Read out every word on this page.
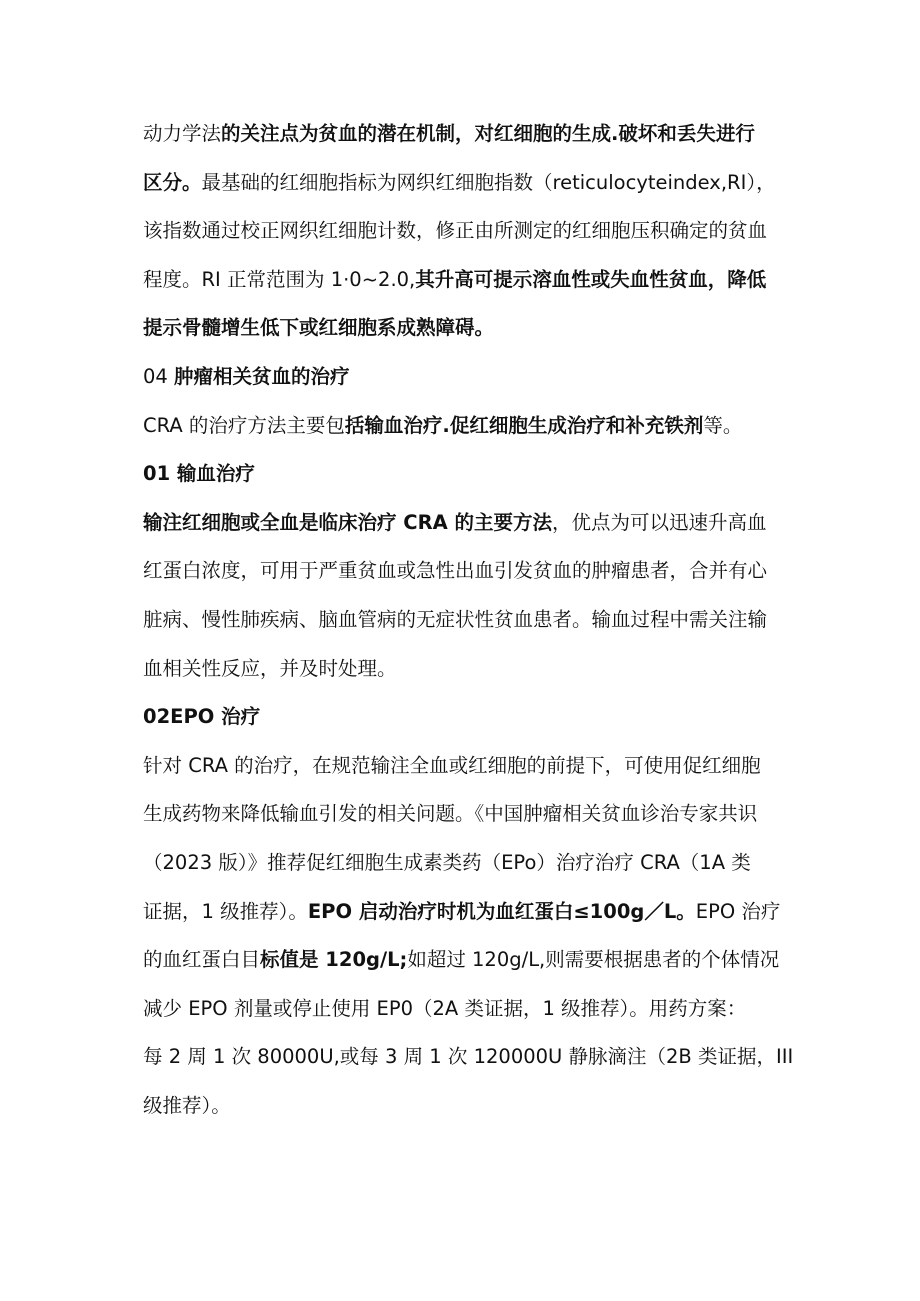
动力学法的关注点为贫血的潜在机制，对红细胞的生成.破坏和丢失进行
区分。最基础的红细胞指标为网织红细胞指数（reticulocyteindex,RI），
该指数通过校正网织红细胞计数，修正由所测定的红细胞压积确定的贫血
程度。RI 正常范围为 1·0~2.0,其升高可提示溶血性或失血性贫血，降低
提示骨髓增生低下或红细胞系成熟障碍。
04 肿瘤相关贫血的治疗
CRA 的治疗方法主要包括输血治疗.促红细胞生成治疗和补充铁剂等。
01 输血治疗
输注红细胞或全血是临床治疗 CRA 的主要方法，优点为可以迅速升高血
红蛋白浓度，可用于严重贫血或急性出血引发贫血的肿瘤患者，合并有心
脏病、慢性肺疾病、脑血管病的无症状性贫血患者。输血过程中需关注输
血相关性反应，并及时处理。
02EPO 治疗
针对 CRA 的治疗，在规范输注全血或红细胞的前提下，可使用促红细胞
生成药物来降低输血引发的相关问题。《中国肿瘤相关贫血诊治专家共识
（2023 版）》推荐促红细胞生成素类药（EPo）治疗治疗 CRA（1A 类
证据，1 级推荐）。EPO 启动治疗时机为血红蛋白≤100g／L。EPO 治疗
的血红蛋白目标值是 120g/L;如超过 120g/L,则需要根据患者的个体情况
减少 EPO 剂量或停止使用 EP0（2A 类证据，1 级推荐）。用药方案：
每 2 周 1 次 80000U,或每 3 周 1 次 120000U 静脉滴注（2B 类证据，III
级推荐）。
